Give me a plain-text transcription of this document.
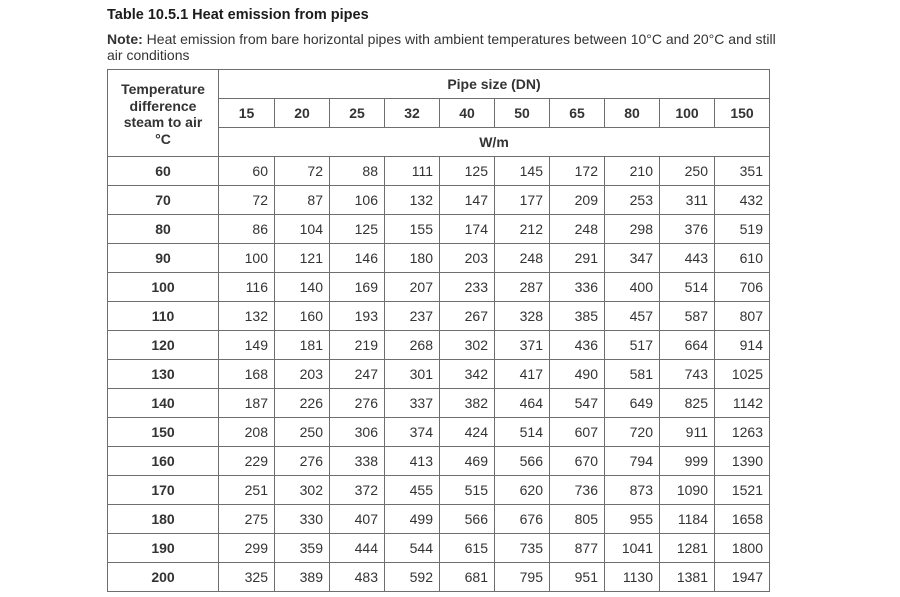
Table 10.5.1 Heat emission from pipes
Note: Heat emission from bare horizontal pipes with ambient temperatures between 10°C and 20°C and still air conditions
Temperature
difference
steam to air
°C	Pipe size (DN)									
	15	20	25	32	40	50	65	80	100	150
	W/m									
60	60	72	88	111	125	145	172	210	250	351
70	72	87	106	132	147	177	209	253	311	432
80	86	104	125	155	174	212	248	298	376	519
90	100	121	146	180	203	248	291	347	443	610
100	116	140	169	207	233	287	336	400	514	706
110	132	160	193	237	267	328	385	457	587	807
120	149	181	219	268	302	371	436	517	664	914
130	168	203	247	301	342	417	490	581	743	1025
140	187	226	276	337	382	464	547	649	825	1142
150	208	250	306	374	424	514	607	720	911	1263
160	229	276	338	413	469	566	670	794	999	1390
170	251	302	372	455	515	620	736	873	1090	1521
180	275	330	407	499	566	676	805	955	1184	1658
190	299	359	444	544	615	735	877	1041	1281	1800
200	325	389	483	592	681	795	951	1130	1381	1947
